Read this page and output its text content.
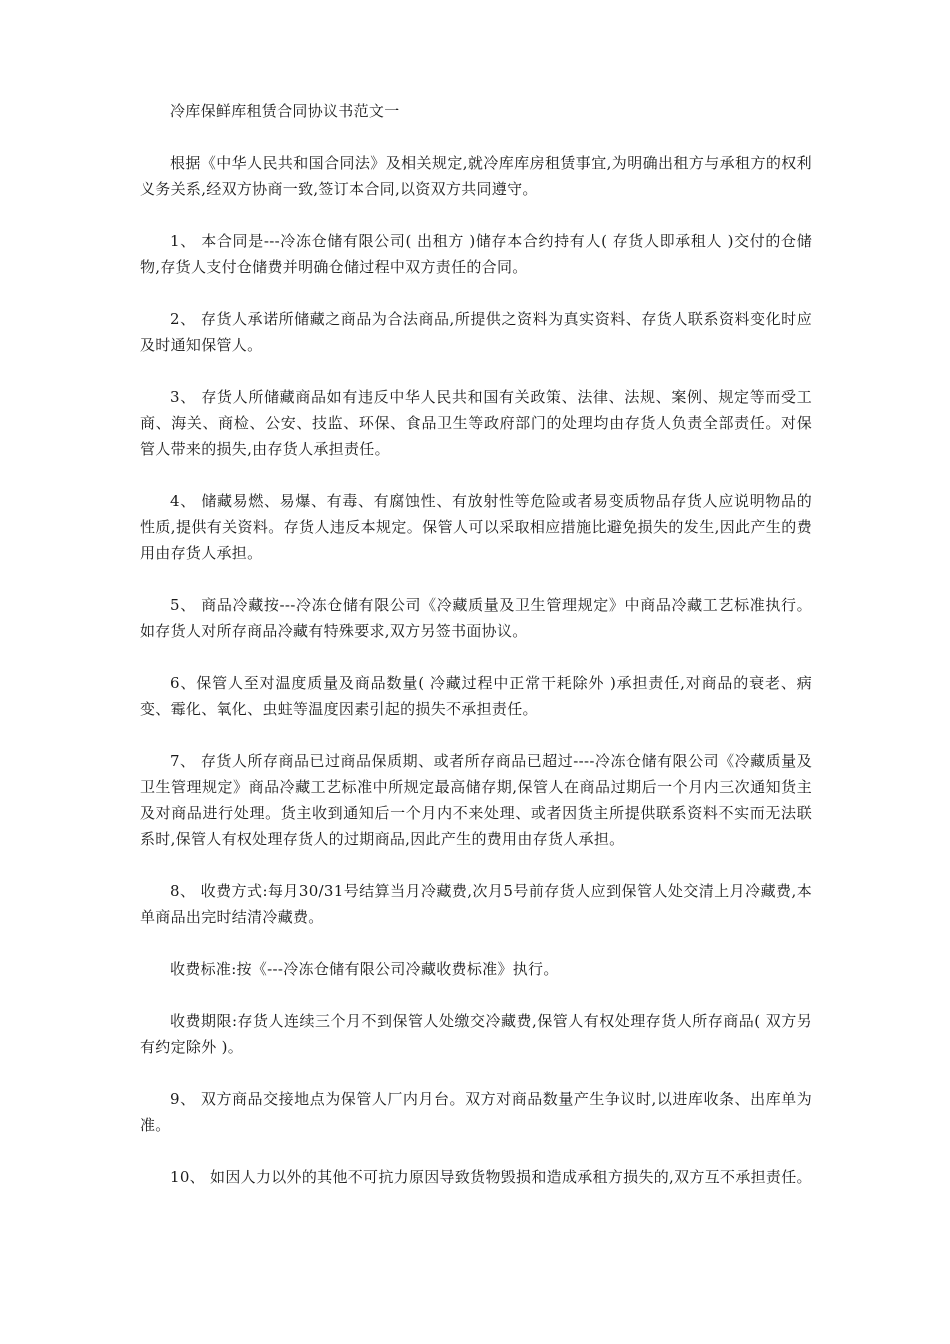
冷库保鲜库租赁合同协议书范文一

根据《中华人民共和国合同法》及相关规定,就冷库库房租赁事宜,为明确出租方与承租方的权利义务关系,经双方协商一致,签订本合同,以资双方共同遵守。

1、 本合同是---冷冻仓储有限公司( 出租方 )储存本合约持有人( 存货人即承租人 )交付的仓储物,存货人支付仓储费并明确仓储过程中双方责任的合同。

2、 存货人承诺所储藏之商品为合法商品,所提供之资料为真实资料、存货人联系资料变化时应及时通知保管人。

3、 存货人所储藏商品如有违反中华人民共和国有关政策、法律、法规、案例、规定等而受工商、海关、商检、公安、技监、环保、食品卫生等政府部门的处理均由存货人负责全部责任。对保管人带来的损失,由存货人承担责任。

4、 储藏易燃、易爆、有毒、有腐蚀性、有放射性等危险或者易变质物品存货人应说明物品的性质,提供有关资料。存货人违反本规定。保管人可以采取相应措施比避免损失的发生,因此产生的费用由存货人承担。

5、 商品冷藏按---冷冻仓储有限公司《冷藏质量及卫生管理规定》中商品冷藏工艺标准执行。如存货人对所存商品冷藏有特殊要求,双方另签书面协议。

6、保管人至对温度质量及商品数量( 冷藏过程中正常干耗除外 )承担责任,对商品的衰老、病变、霉化、氧化、虫蛀等温度因素引起的损失不承担责任。

7、 存货人所存商品已过商品保质期、或者所存商品已超过----冷冻仓储有限公司《冷藏质量及卫生管理规定》商品冷藏工艺标准中所规定最高储存期,保管人在商品过期后一个月内三次通知货主及对商品进行处理。货主收到通知后一个月内不来处理、或者因货主所提供联系资料不实而无法联系时,保管人有权处理存货人的过期商品,因此产生的费用由存货人承担。

8、 收费方式:每月30/31号结算当月冷藏费,次月5号前存货人应到保管人处交清上月冷藏费,本单商品出完时结清冷藏费。

收费标准:按《---冷冻仓储有限公司冷藏收费标准》执行。

收费期限:存货人连续三个月不到保管人处缴交冷藏费,保管人有权处理存货人所存商品( 双方另有约定除外 )。

9、 双方商品交接地点为保管人厂内月台。双方对商品数量产生争议时,以进库收条、出库单为准。

10、 如因人力以外的其他不可抗力原因导致货物毁损和造成承租方损失的,双方互不承担责任。
